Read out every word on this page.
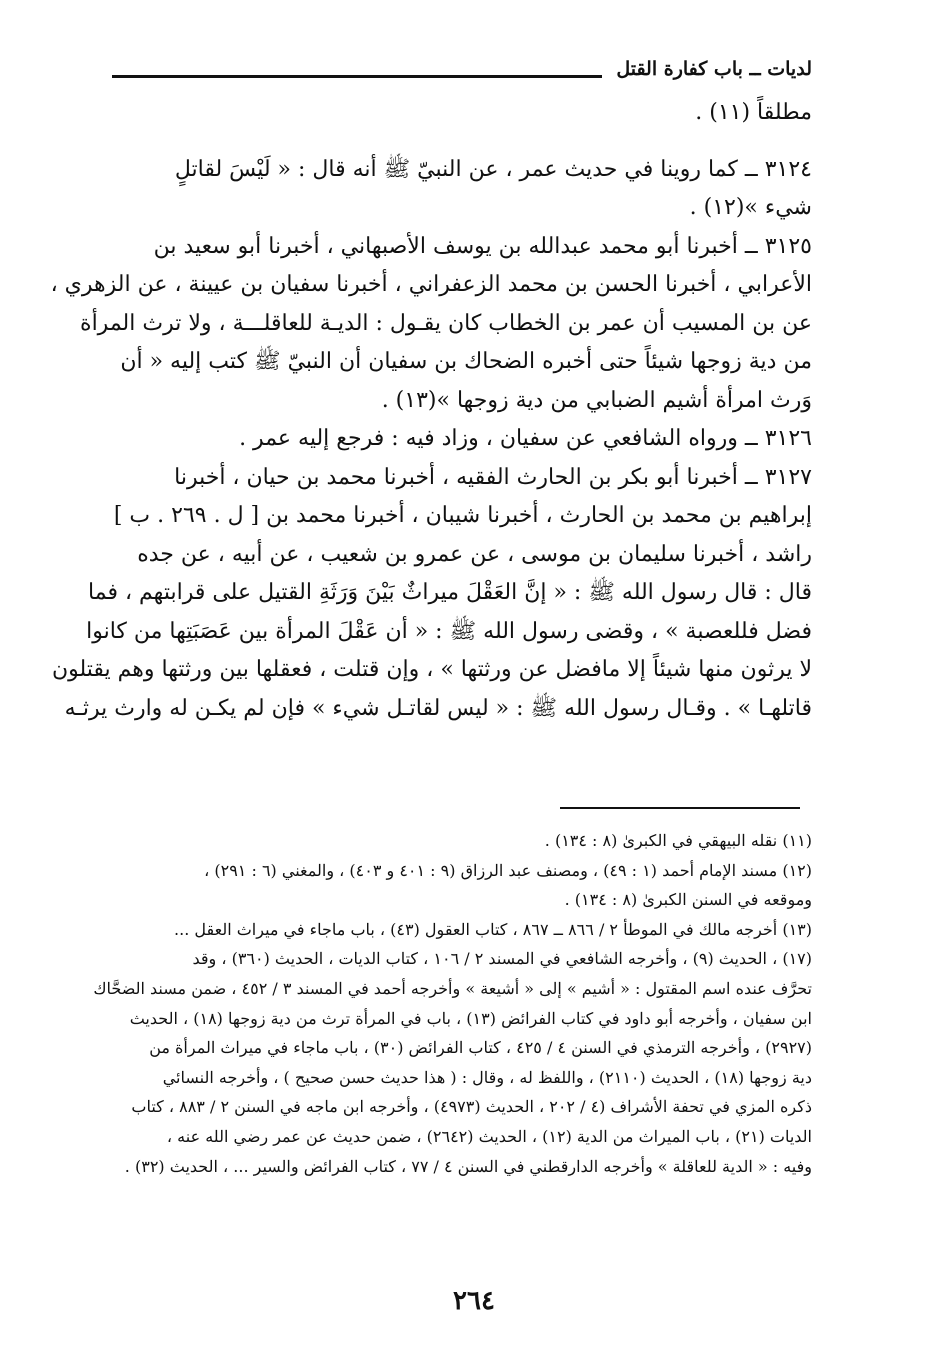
لديات ــ باب كفارة القتل
مطلقاً (١١) .
٣١٢٤ ــ كما روينا في حديث عمر ، عن النبيّ ﷺ أنه قال : « لَيْسَ لقاتلٍ
شيء »(١٢) .
٣١٢٥ ــ أخبرنا أبو محمد عبدالله بن يوسف الأصبهاني ، أخبرنا أبو سعيد بن
الأعرابي ، أخبرنا الحسن بن محمد الزعفراني ، أخبرنا سفيان بن عيينة ، عن الزهري ،
عن بن المسيب أن عمر بن الخطاب كان يقـول : الديـة للعاقلـــة ، ولا ترث المرأة
من دية زوجها شيئاً حتى أخبره الضحاك بن سفيان أن النبيّ ﷺ كتب إليه « أن
وَرث امرأة أشيم الضبابي من دية زوجها »(١٣) .
٣١٢٦ ــ ورواه الشافعي عن سفيان ، وزاد فيه : فرجع إليه عمر .
٣١٢٧ ــ أخبرنا أبو بكر بن الحارث الفقيه ، أخبرنا محمد بن حيان ، أخبرنا
إبراهيم بن محمد بن الحارث ، أخبرنا شيبان ، أخبرنا محمد بن [ ل . ٢٦٩ . ب ]
راشد ، أخبرنا سليمان بن موسى ، عن عمرو بن شعيب ، عن أبيه ، عن جده
قال : قال رسول الله ﷺ : « إنَّ العَقْلَ ميراثٌ بَيْنَ وَرَثَةِ القتيل على قرابتهم ، فما
فضل فللعصبة » ، وقضى رسول الله ﷺ : « أن عَقْلَ المرأة بين عَصَبَتِها من كانوا
لا يرثون منها شيئاً إلا مافضل عن ورثتها » ، وإن قتلت ، فعقلها بين ورثتها وهم يقتلون
قاتلهـا » . وقـال رسول الله ﷺ : « ليس لقاتـل شيء » فإن لم يكـن له وارث يرثـه
(١١) نقله البيهقي في الكبرىٰ (٨ : ١٣٤) .
(١٢) مسند الإمام أحمد (١ : ٤٩) ، ومصنف عبد الرزاق (٩ : ٤٠١ و ٤٠٣) ، والمغني (٦ : ٢٩١) ،
وموقعه في السنن الكبرىٰ (٨ : ١٣٤) .
(١٣) أخرجه مالك في الموطأ ٢ / ٨٦٦ ــ ٨٦٧ ، كتاب العقول (٤٣) ، باب ماجاء في ميراث العقل ...
(١٧) ، الحديث (٩) ، وأخرجه الشافعي في المسند ٢ / ١٠٦ ، كتاب الديات ، الحديث (٣٦٠) ، وقد
تحرَّف عنده اسم المقتول : « أشيم » إلى « أشيعة » وأخرجه أحمد في المسند ٣ / ٤٥٢ ، ضمن مسند الضحَّاك
ابن سفيان ، وأخرجه أبو داود في كتاب الفرائض (١٣) ، باب في المرأة ترث من دية زوجها (١٨) ، الحديث
(٢٩٢٧) ، وأخرجه الترمذي في السنن ٤ / ٤٢٥ ، كتاب الفرائض (٣٠) ، باب ماجاء في ميراث المرأة من
دية زوجها (١٨) ، الحديث (٢١١٠) ، واللفظ له ، وقال : ( هذا حديث حسن صحيح ) ، وأخرجه النسائي
ذكره المزي في تحفة الأشراف (٤ / ٢٠٢ ، الحديث (٤٩٧٣) ، وأخرجه ابن ماجه في السنن ٢ / ٨٨٣ ، كتاب
الديات (٢١) ، باب الميراث من الدية (١٢) ، الحديث (٢٦٤٢) ، ضمن حديث عن عمر رضي الله عنه ،
وفيه : « الدية للعاقلة » وأخرجه الدارقطني في السنن ٤ / ٧٧ ، كتاب الفرائض والسير ... ، الحديث (٣٢) .
٢٦٤
